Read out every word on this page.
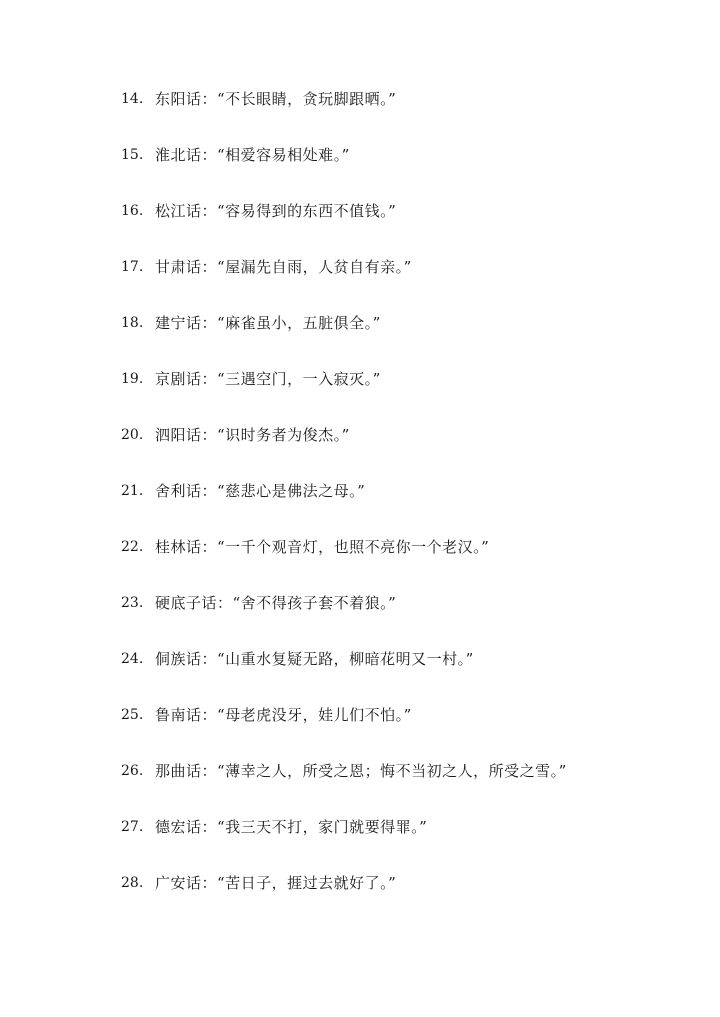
14. 东阳话：“不长眼睛，贪玩脚跟晒。”
15. 淮北话：“相爱容易相处难。”
16. 松江话：“容易得到的东西不值钱。”
17. 甘肃话：“屋漏先自雨，人贫自有亲。”
18. 建宁话：“麻雀虽小，五脏俱全。”
19. 京剧话：“三遇空门，一入寂灭。”
20. 泗阳话：“识时务者为俊杰。”
21. 舍利话：“慈悲心是佛法之母。”
22. 桂林话：“一千个观音灯，也照不亮你一个老汉。”
23. 硬底子话：“舍不得孩子套不着狼。”
24. 侗族话：“山重水复疑无路，柳暗花明又一村。”
25. 鲁南话：“母老虎没牙，娃儿们不怕。”
26. 那曲话：“薄幸之人，所受之恩；悔不当初之人，所受之雪。”
27. 德宏话：“我三天不打，家门就要得罪。”
28. 广安话：“苦日子，捱过去就好了。”
